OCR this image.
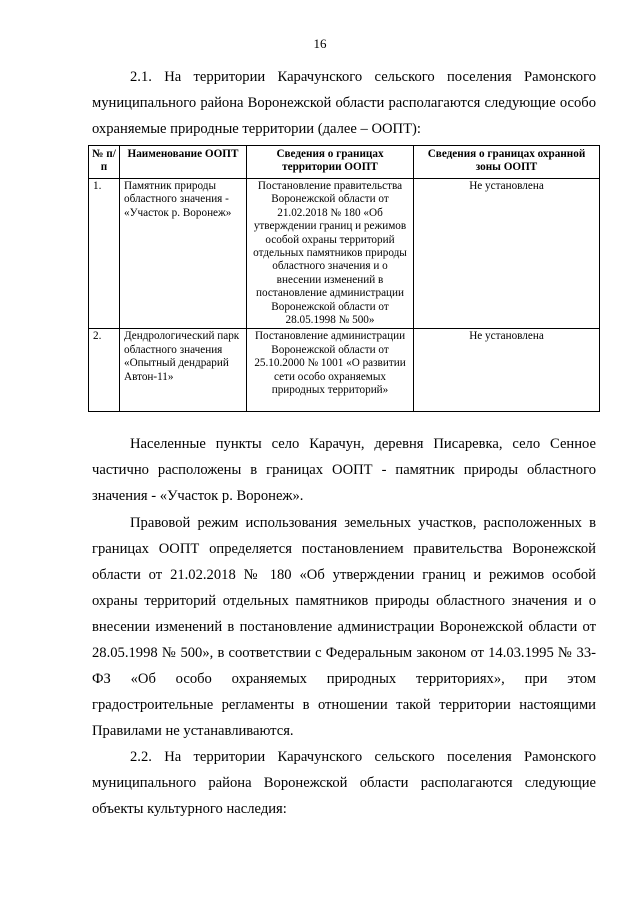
16

2.1. На территории Карачунского сельского поселения Рамонского муниципального района Воронежской области располагаются следующие особо охраняемые природные территории (далее – ООПТ):

№ п/п	Наименование ООПТ	Сведения о границах территории ООПТ	Сведения о границах охранной зоны ООПТ
1.	Памятник природы областного значения - «Участок р. Воронеж»	Постановление правительства Воронежской области от 21.02.2018 № 180 «Об утверждении границ и режимов особой охраны территорий отдельных памятников природы областного значения и о внесении изменений в постановление администрации Воронежской области от 28.05.1998 № 500»	Не установлена
2.	Дендрологический парк областного значения «Опытный дендрарий Автон-11»	Постановление администрации Воронежской области от 25.10.2000 № 1001 «О развитии сети особо охраняемых природных территорий»	Не установлена

Населенные пункты село Карачун, деревня Писаревка, село Сенное частично расположены в границах ООПТ - памятник природы областного значения - «Участок р. Воронеж».

Правовой режим использования земельных участков, расположенных в границах ООПТ определяется постановлением правительства Воронежской области от 21.02.2018 № 180 «Об утверждении границ и режимов особой охраны территорий отдельных памятников природы областного значения и о внесении изменений в постановление администрации Воронежской области от 28.05.1998 № 500», в соответствии с Федеральным законом от 14.03.1995 № 33-ФЗ «Об особо охраняемых природных территориях», при этом градостроительные регламенты в отношении такой территории настоящими Правилами не устанавливаются.

2.2. На территории Карачунского сельского поселения Рамонского муниципального района Воронежской области располагаются следующие объекты культурного наследия:
